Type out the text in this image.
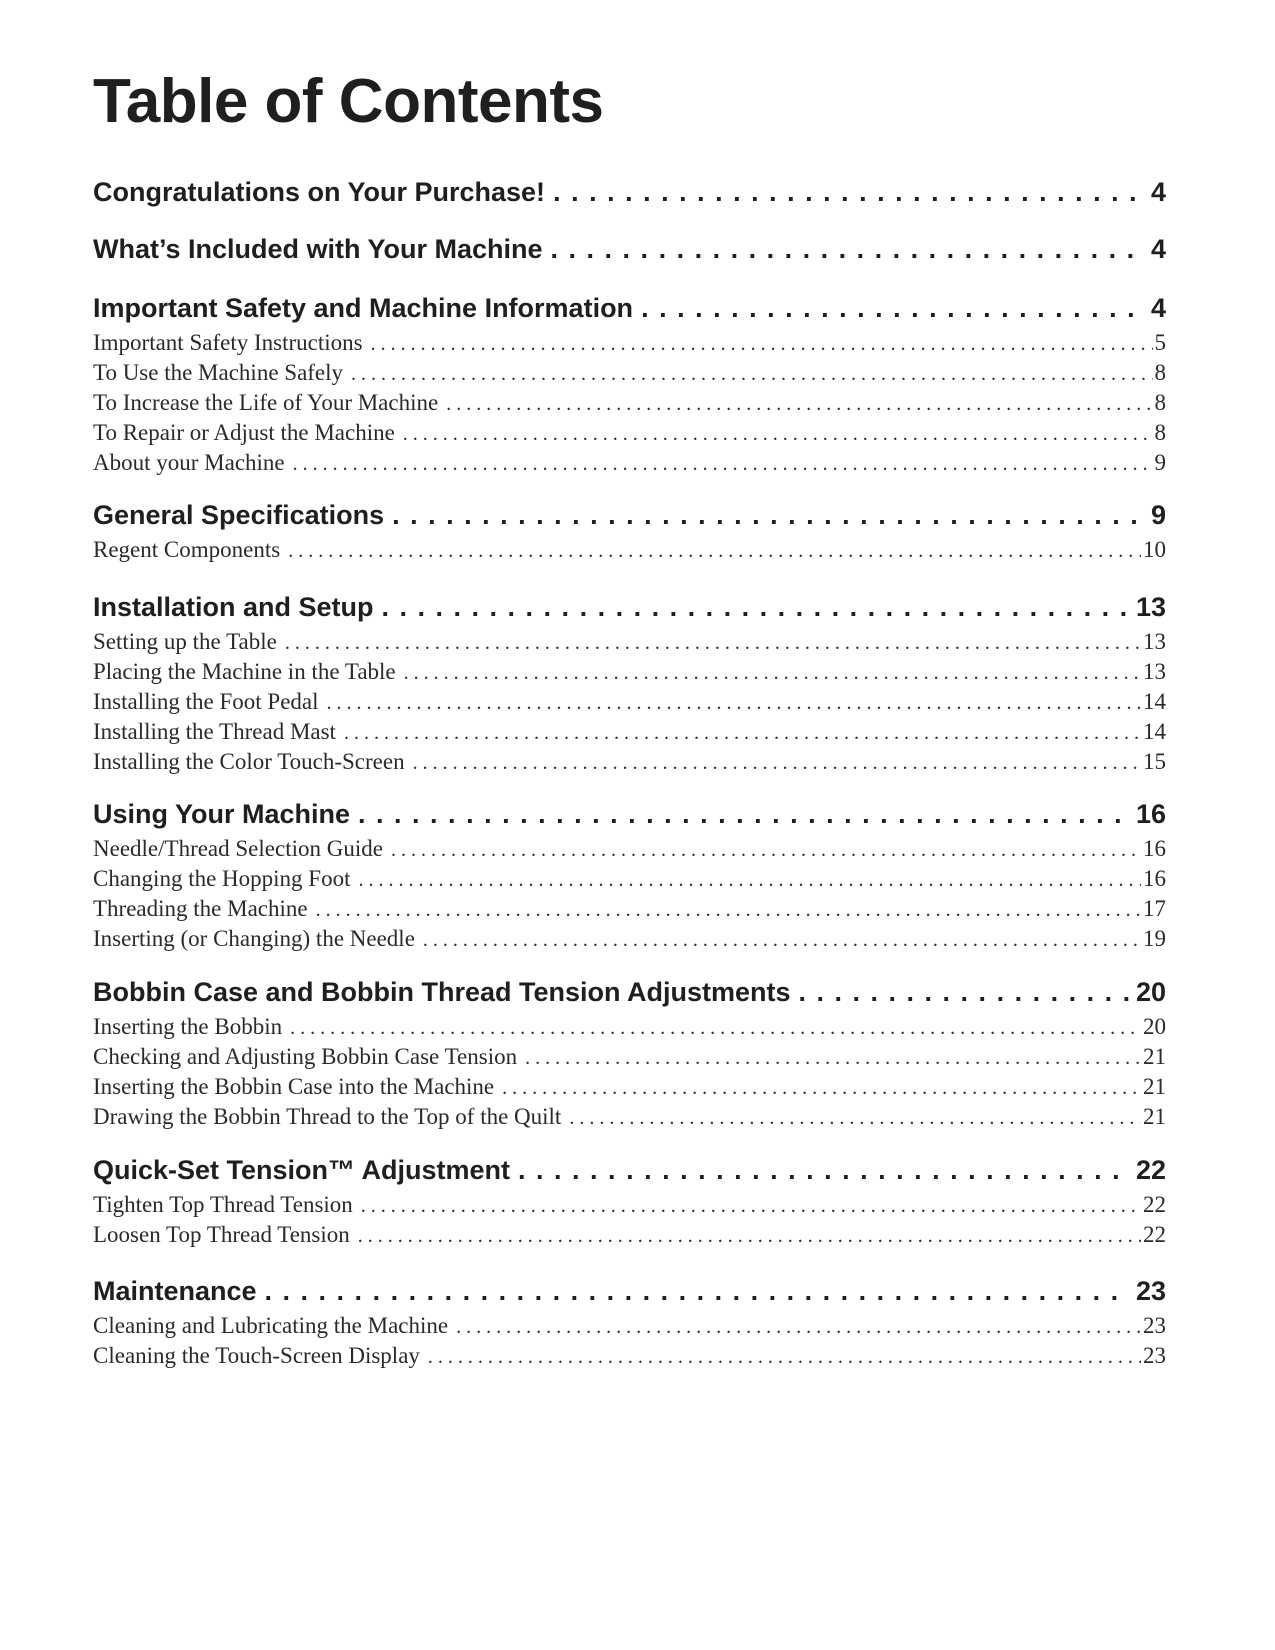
Table of Contents
Congratulations on Your Purchase! . . .	4
What’s Included with Your Machine . . .	4
Important Safety and Machine Information . . .	4
Important Safety Instructions . . .	5
To Use the Machine Safely . . .	8
To Increase the Life of Your Machine . . .	8
To Repair or Adjust the Machine . . .	8
About your Machine . . .	9
General Specifications . . .	9
Regent Components . . .	10
Installation and Setup . . .	13
Setting up the Table . . .	13
Placing the Machine in the Table . . .	13
Installing the Foot Pedal . . .	14
Installing the Thread Mast . . .	14
Installing the Color Touch-Screen . . .	15
Using Your Machine . . .	16
Needle/Thread Selection Guide . . .	16
Changing the Hopping Foot . . .	16
Threading the Machine . . .	17
Inserting (or Changing) the Needle . . .	19
Bobbin Case and Bobbin Thread Tension Adjustments . . .	20
Inserting the Bobbin . . .	20
Checking and Adjusting Bobbin Case Tension . . .	21
Inserting the Bobbin Case into the Machine . . .	21
Drawing the Bobbin Thread to the Top of the Quilt . . .	21
Quick-Set Tension™ Adjustment . . .	22
Tighten Top Thread Tension . . .	22
Loosen Top Thread Tension . . .	22
Maintenance . . .	23
Cleaning and Lubricating the Machine . . .	23
Cleaning the Touch-Screen Display . . .	23
